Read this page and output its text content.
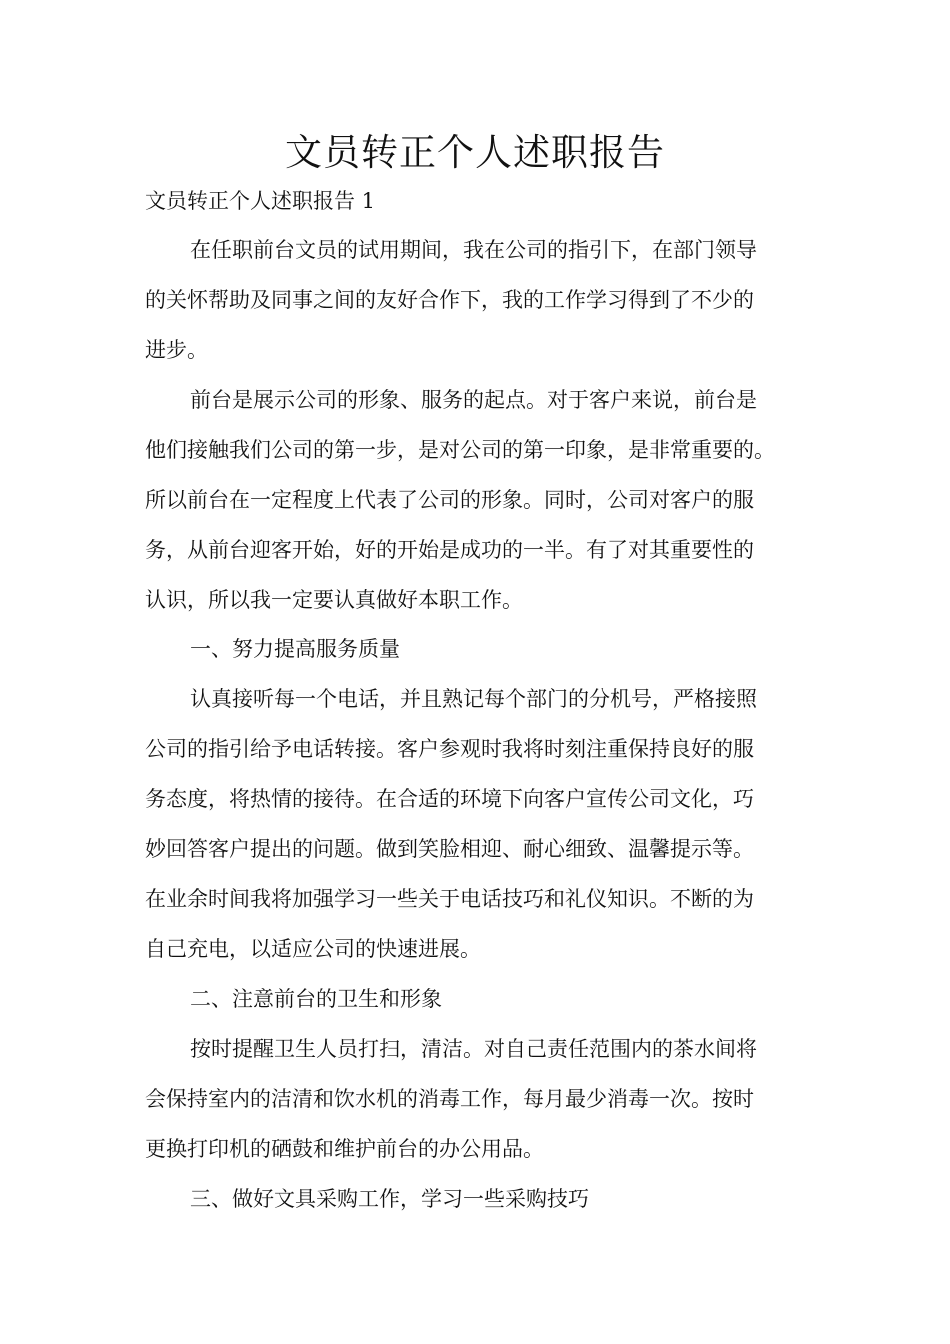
文员转正个人述职报告

文员转正个人述职报告 1

在任职前台文员的试用期间，我在公司的指引下，在部门领导

的关怀帮助及同事之间的友好合作下，我的工作学习得到了不少的

进步。

前台是展示公司的形象、服务的起点。对于客户来说，前台是

他们接触我们公司的第一步，是对公司的第一印象，是非常重要的。

所以前台在一定程度上代表了公司的形象。同时，公司对客户的服

务，从前台迎客开始，好的开始是成功的一半。有了对其重要性的

认识，所以我一定要认真做好本职工作。

一、努力提高服务质量

认真接听每一个电话，并且熟记每个部门的分机号，严格接照

公司的指引给予电话转接。客户参观时我将时刻注重保持良好的服

务态度，将热情的接待。在合适的环境下向客户宣传公司文化，巧

妙回答客户提出的问题。做到笑脸相迎、耐心细致、温馨提示等。

在业余时间我将加强学习一些关于电话技巧和礼仪知识。不断的为

自己充电，以适应公司的快速进展。

二、注意前台的卫生和形象

按时提醒卫生人员打扫，清洁。对自己责任范围内的茶水间将

会保持室内的洁清和饮水机的消毒工作，每月最少消毒一次。按时

更换打印机的硒鼓和维护前台的办公用品。

三、做好文具采购工作，学习一些采购技巧
